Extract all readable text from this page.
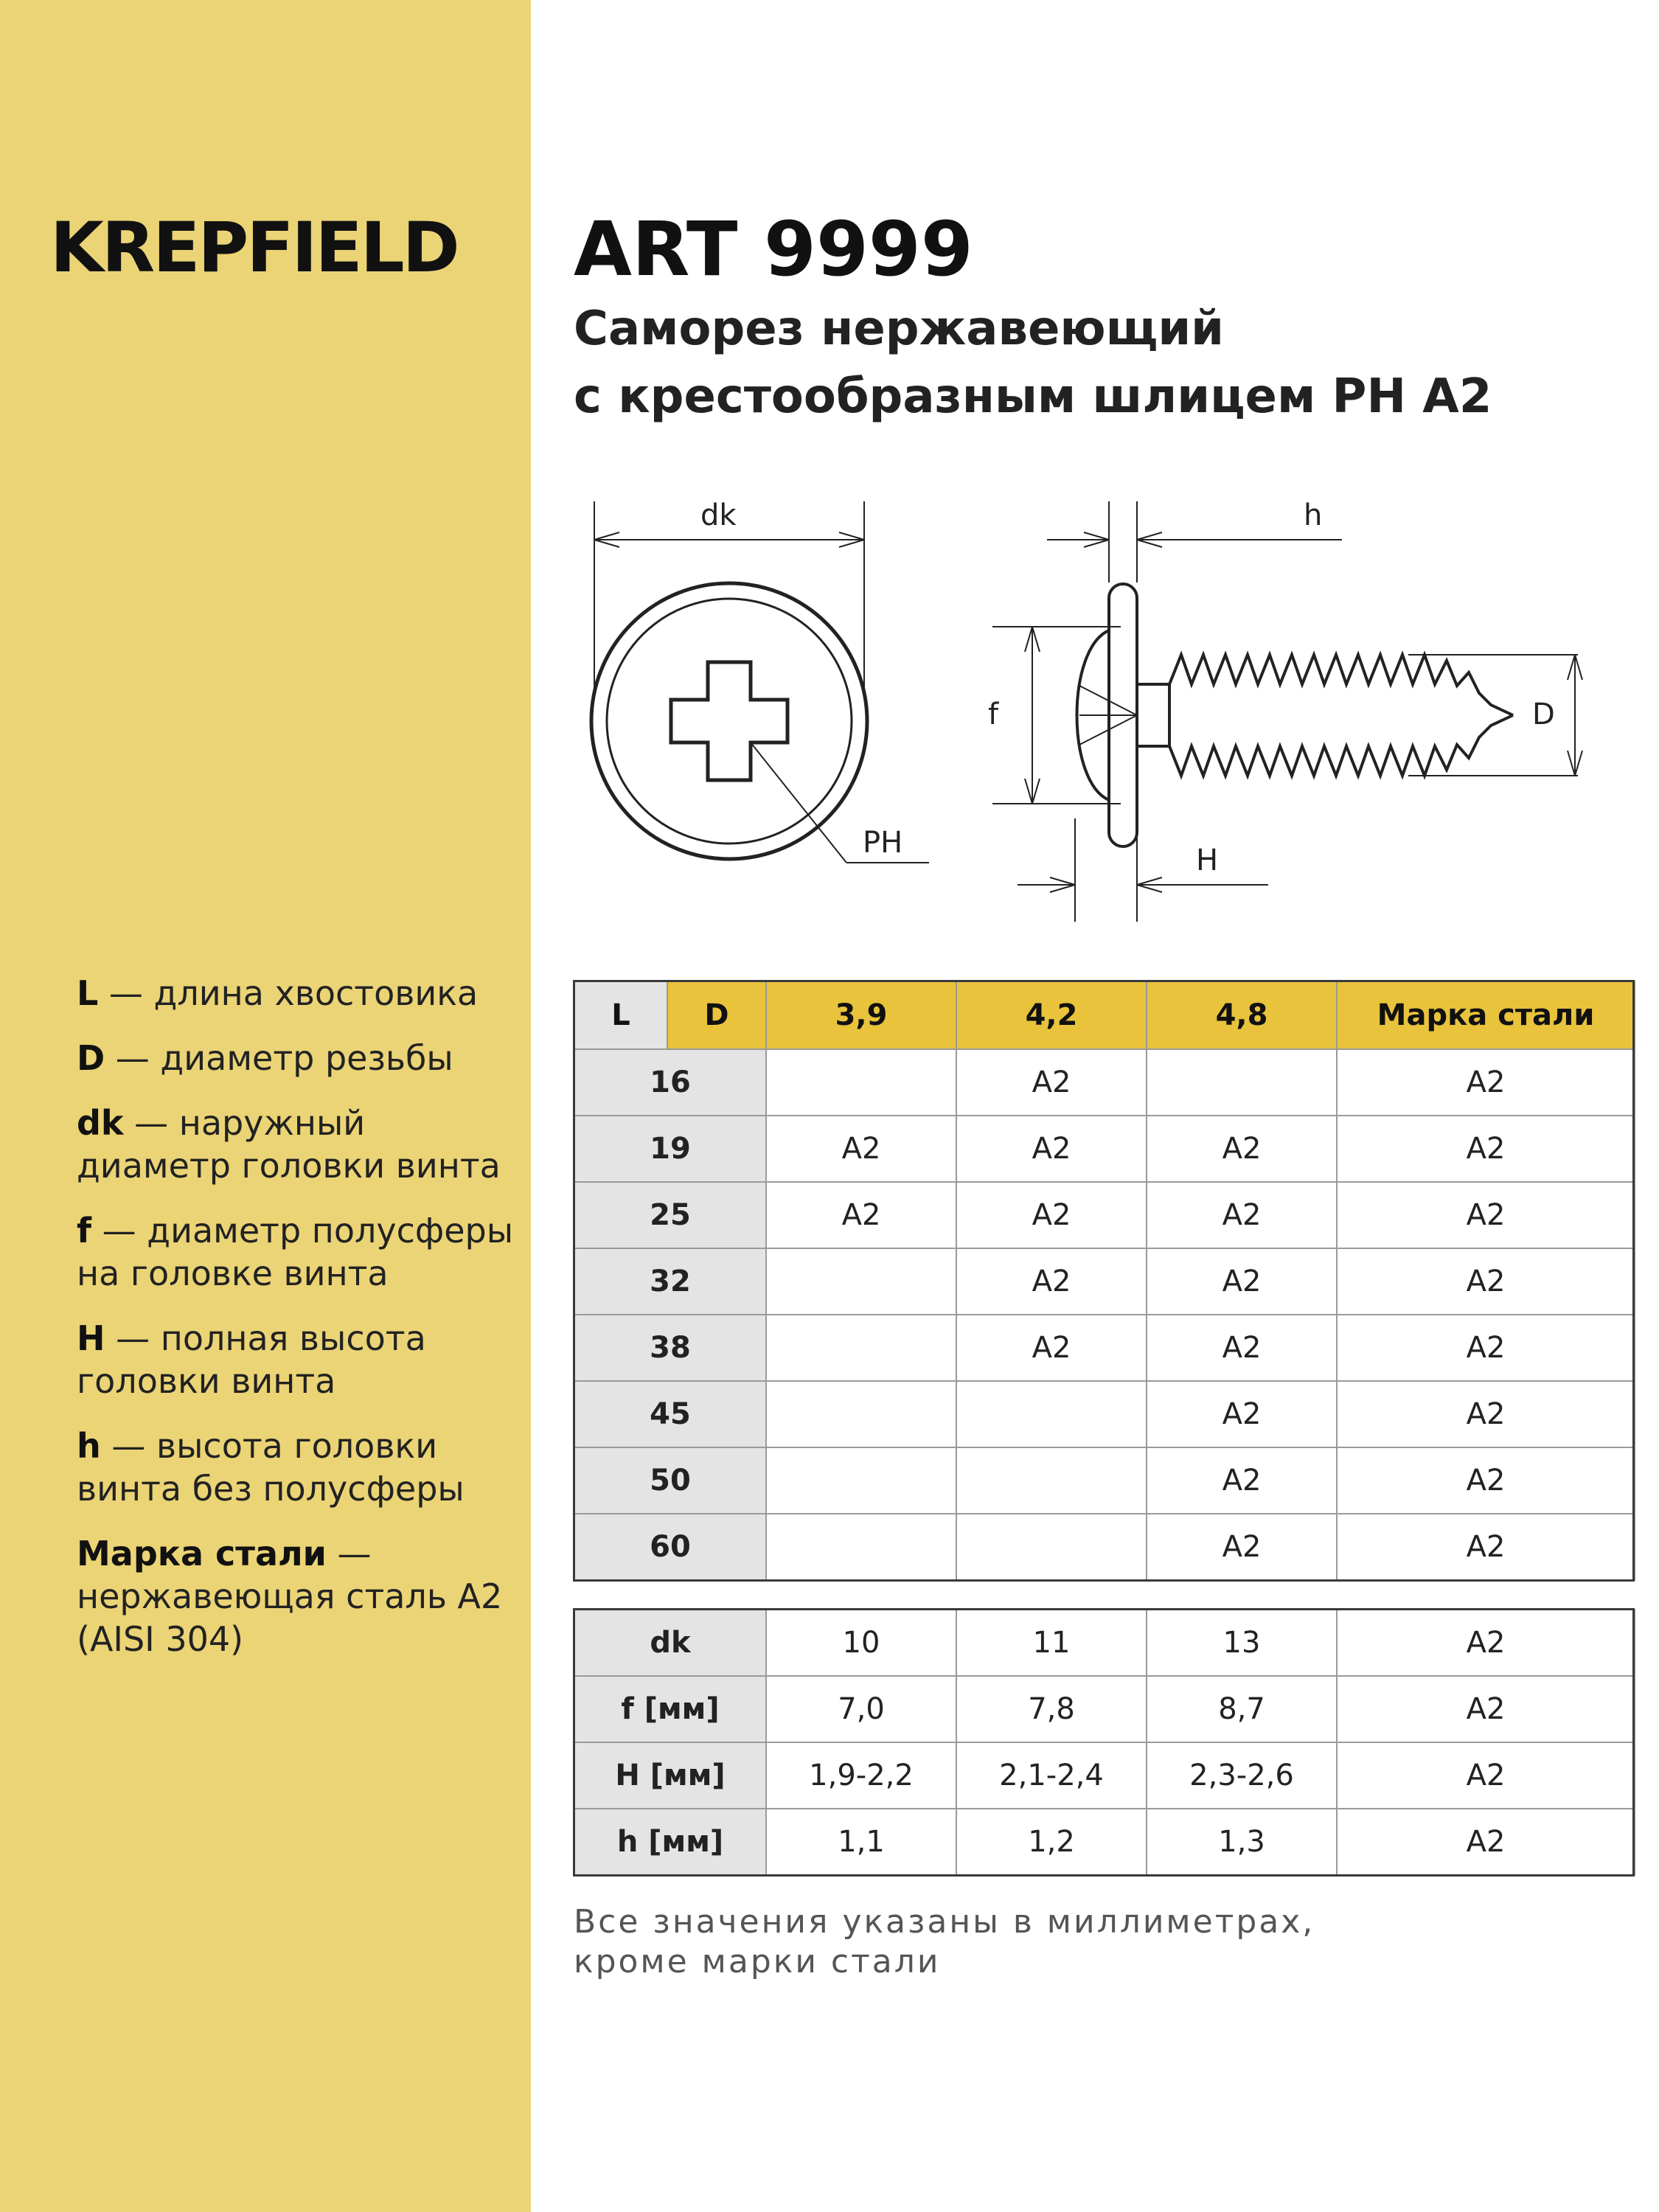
KREPFIELD
L — длина хвостовика
D — диаметр резьбы
dk — наружный диаметр головки винта
f — диаметр полусферы на головке винта
H — полная высота головки винта
h — высота головки винта без полусферы
Марка стали — нержавеющая сталь A2 (AISI 304)
ART 9999
Саморез нержавеющий
с крестообразным шлицем PH A2
dk
PH
h
f
H
D
L	D	3,9	4,2	4,8	Марка стали
16			A2		A2
19		A2	A2	A2	A2
25		A2	A2	A2	A2
32			A2	A2	A2
38			A2	A2	A2
45				A2	A2
50				A2	A2
60				A2	A2
dk	10	11	13	A2
f [мм]	7,0	7,8	8,7	A2
H [мм]	1,9-2,2	2,1-2,4	2,3-2,6	A2
h [мм]	1,1	1,2	1,3	A2
Все значения указаны в миллиметрах,
кроме марки стали
